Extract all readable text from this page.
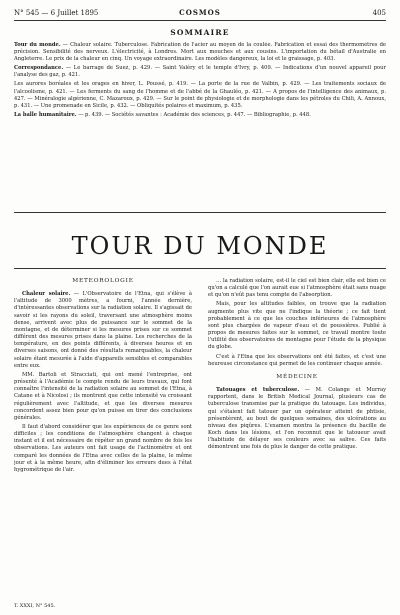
N° 545 — 6 Juillet 1895	COSMOS	405
SOMMAIRE

Tour du monde. — Chaleur solaire. Tuberculose. Fabrication de l'acier au moyen de la coulée. Fabrication et essai des thermomètres de précision. Sensibilité des nerveux. L'électricité, à Londres. Mort aux mouches et aux cousins. L'importation du bétail d'Australie en Angleterre. Le prix de la chaleur en cinq. Un voyage extraordinaire. Les modèles dangereux, la loi et le graissage, p. 403.

Correspondance. — Le barrage de Suez, p. 429. — Saint Valéry et le temple d'Ivry, p. 409. — Indications d'un nouvel appareil pour l'analyse des gaz, p. 421.

Les aurores boréales et les orages en hiver, L. Poussé, p. 419. — La porte de la rue de Valbin, p. 429. — Les traitements sociaux de l'alcoolisme, p. 421. — Les ferments du sang de l'homme et de l'abbé de la Ghauléo, p. 421. — A propos de l'intelligence des animaux, p. 427. — Minéralogie algérienne, C. Mazaroux, p. 429. — Sur le point de physiologie et de morphologie dans les pétroles du Chili, A. Annoux, p. 431. — Une promenade en Sicile, p. 432. — Obliquités polaires et maximum, p. 435.

La balle humanitaire. — p. 439. — Sociétés savantes : Académie des sciences, p. 447. — Bibliographie, p. 448.

TOUR DU MONDE
MÉTÉOROLOGIE

Chaleur solaire. — L'Observatoire de l'Etna, qui s'élève à l'altitude de 3000 mètres, a fourni, l'année dernière, d'intéressantes observations sur la radiation solaire. Il s'agissait de savoir si les rayons du soleil, traversant une atmosphère moins dense, arrivent avec plus de puissance sur le sommet de la montagne, et de déterminer si les mesures prises sur ce sommet différent des mesures prises dans la plaine. Les recherches de la température, en des points différents, à diverses heures et en diverses saisons, ont donné des résultats remarquables, la chaleur solaire étant mesurée à l'aide d'appareils sensibles et comparables entre eux.

MM. Bartoli et Stracciati, qui ont mené l'entreprise, ont présenté à l'Académie le compte rendu de leurs travaux, qui font connaître l'intensité de la radiation solaire au sommet de l'Etna, à Catane et à Nicolosi ; ils montrent que cette intensité va croissant régulièrement avec l'altitude, et que les diverses mesures concordent assez bien pour qu'on puisse en tirer des conclusions générales.

Il faut d'abord considérer que les expériences de ce genre sont difficiles ; les conditions de l'atmosphère changent à chaque instant et il est nécessaire de répéter un grand nombre de fois les observations. Les auteurs ont fait usage de l'actinomètre et ont comparé les données de l'Etna avec celles de la plaine, le même jour et à la même heure, afin d'éliminer les erreurs dues à l'état hygrométrique de l'air.

… la radiation solaire, est-il le ciel est bien clair, elle est bien ce qu'on a calculé que l'on aurait eue si l'atmosphère était sans nuage et qu'on n'eût pas tenu compte de l'absorption.

Mais, pour les altitudes faibles, on trouve que la radiation augmente plus vite que ne l'indique la théorie ; ce fait tient probablement à ce que les couches inférieures de l'atmosphère sont plus chargées de vapeur d'eau et de poussières. Publié à propos de mesures faites sur le sommet, ce travail montre toute l'utilité des observatoires de montagne pour l'étude de la physique du globe.

C'est à l'Etna que les observations ont été faites, et c'est une heureuse circonstance qui permet de les continuer chaque année.

MÉDECINE

Tatouages et tuberculose. — M. Colange et Murray rapportent, dans le British Medical Journal, plusieurs cas de tuberculose transmise par la pratique du tatouage. Les individus, qui s'étaient fait tatouer par un opérateur atteint de phtisie, présentèrent, au bout de quelques semaines, des ulcérations au niveau des piqûres. L'examen montra la présence du bacille de Koch dans les lésions, et l'on reconnut que le tatoueur avait l'habitude de délayer ses couleurs avec sa salive. Ces faits démontrent une fois de plus le danger de cette pratique.

T. XXXI, N° 545.
